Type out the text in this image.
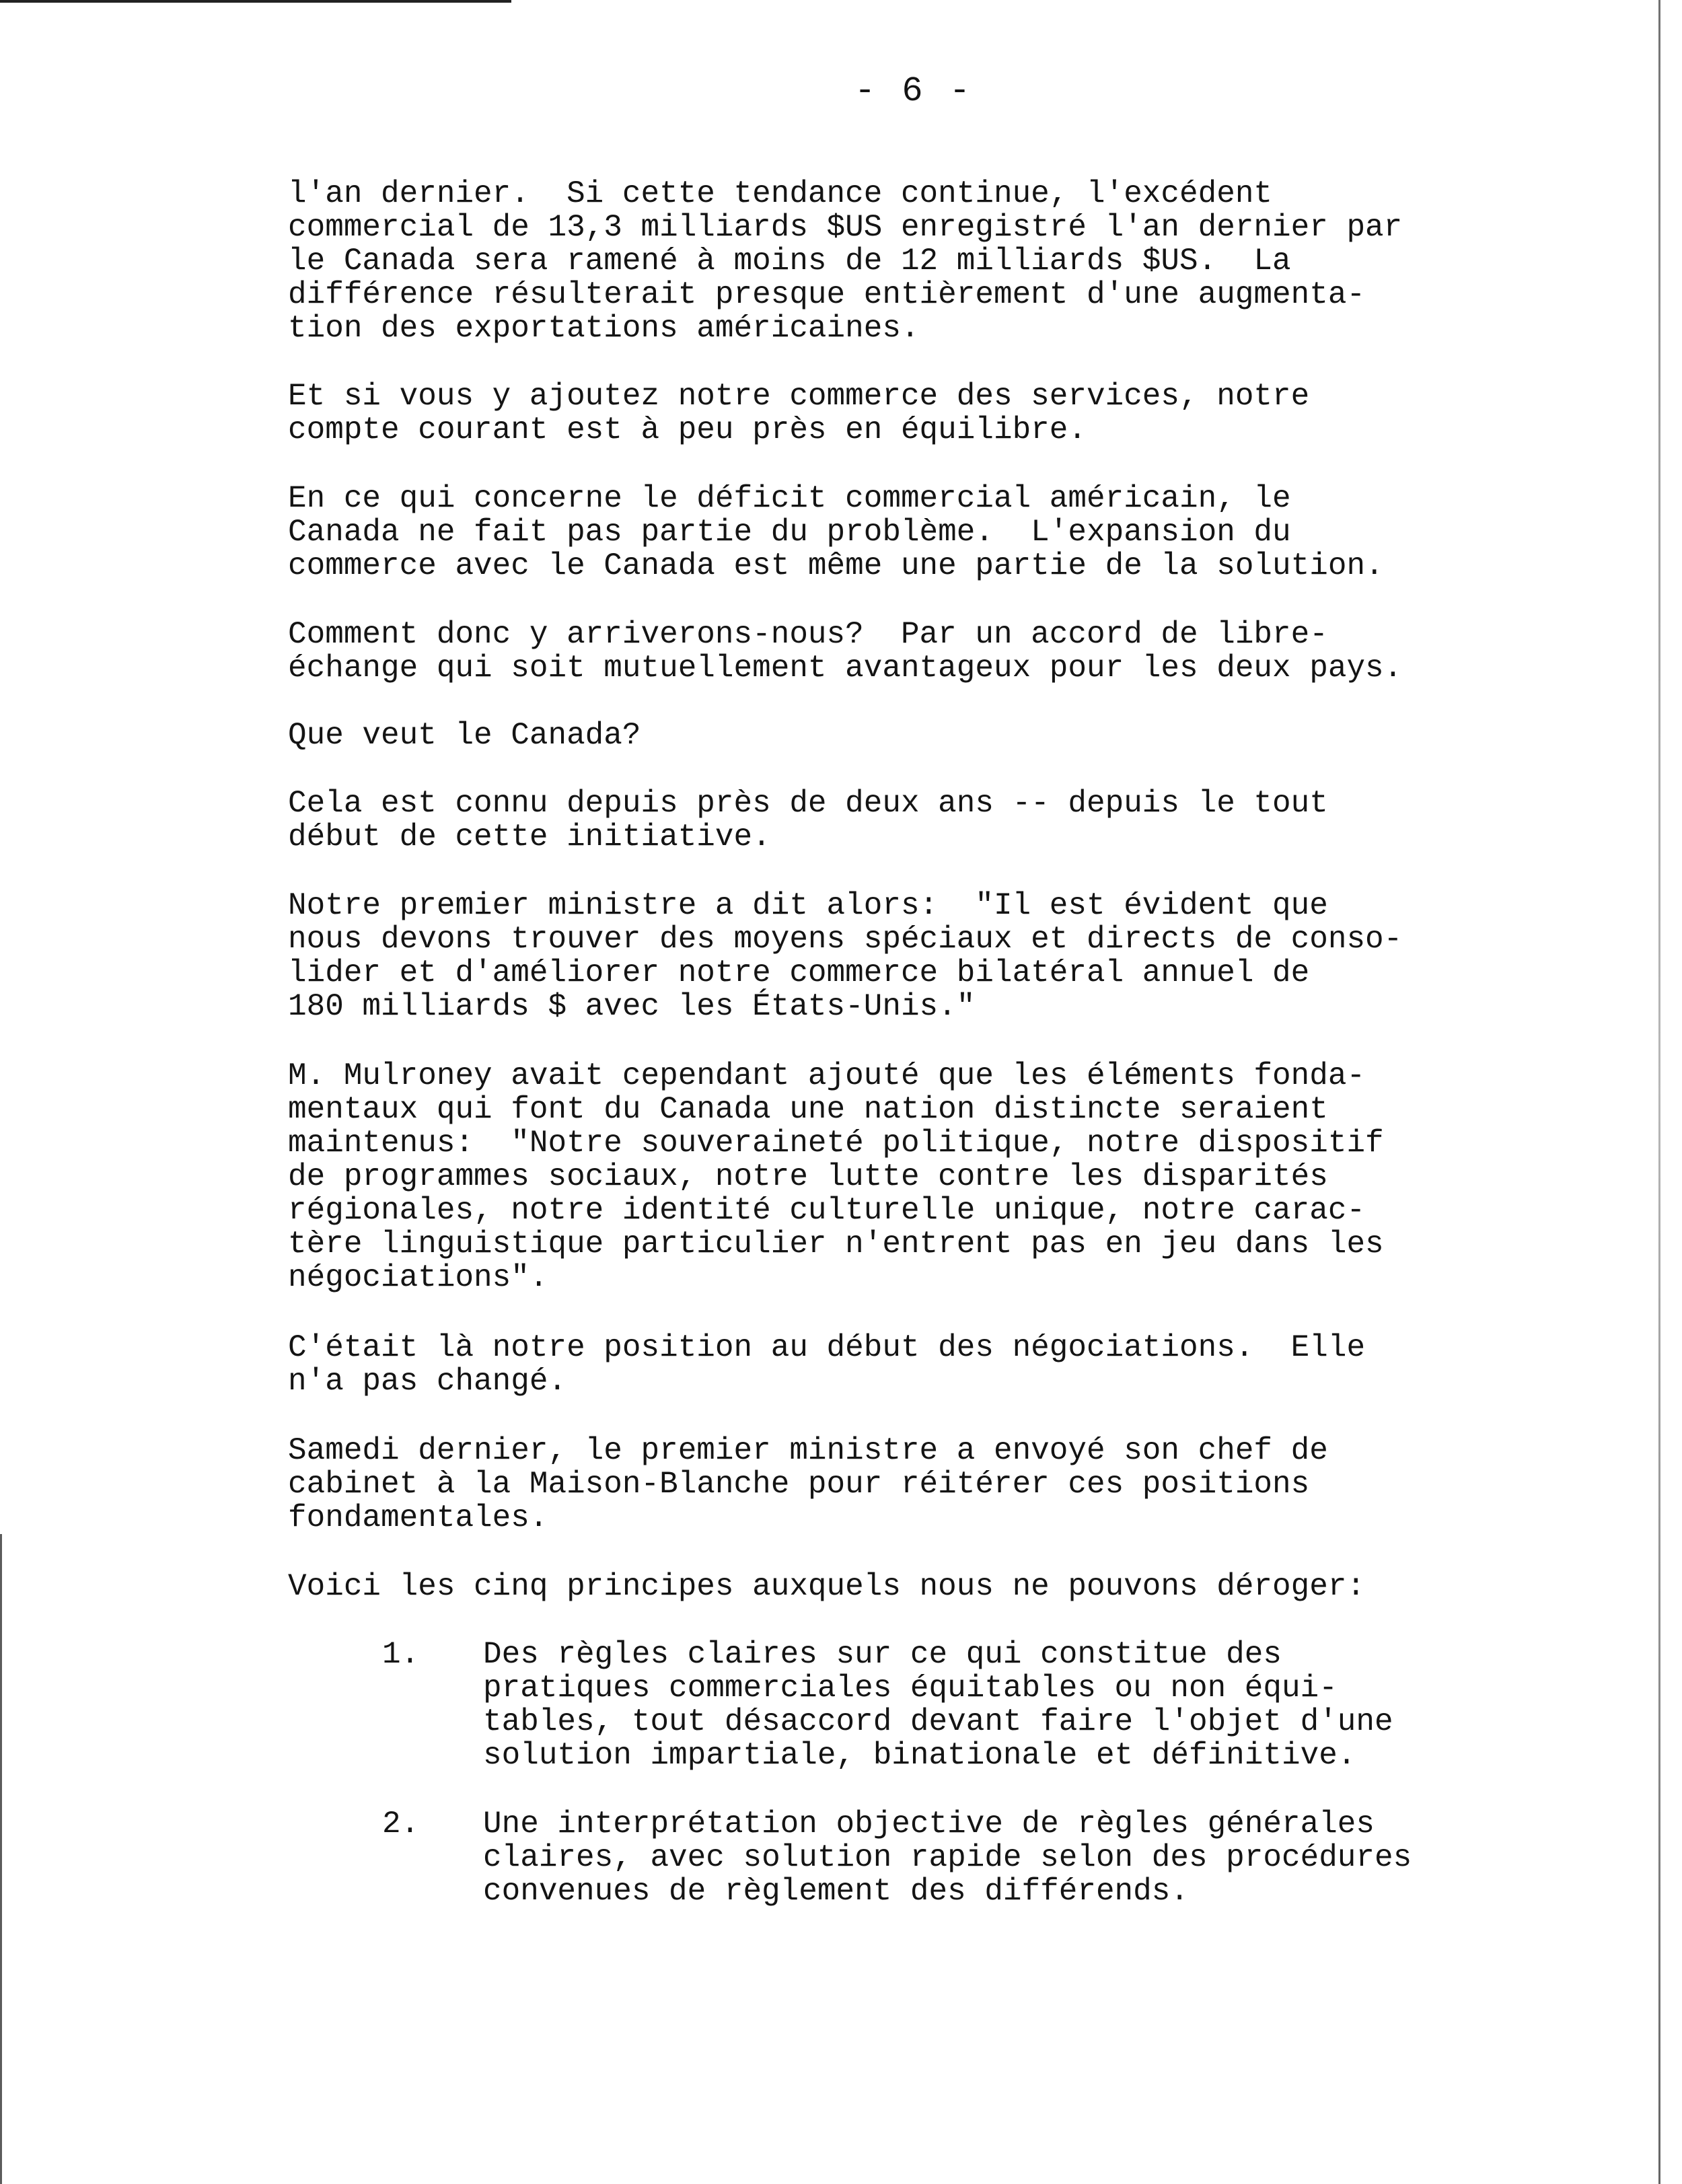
- 6 -
l'an dernier.  Si cette tendance continue, l'excédent
commercial de 13,3 milliards $US enregistré l'an dernier par
le Canada sera ramené à moins de 12 milliards $US.  La
différence résulterait presque entièrement d'une augmenta-
tion des exportations américaines.
Et si vous y ajoutez notre commerce des services, notre
compte courant est à peu près en équilibre.
En ce qui concerne le déficit commercial américain, le
Canada ne fait pas partie du problème.  L'expansion du
commerce avec le Canada est même une partie de la solution.
Comment donc y arriverons-nous?  Par un accord de libre-
échange qui soit mutuellement avantageux pour les deux pays.
Que veut le Canada?
Cela est connu depuis près de deux ans -- depuis le tout
début de cette initiative.
Notre premier ministre a dit alors:  "Il est évident que
nous devons trouver des moyens spéciaux et directs de conso-
lider et d'améliorer notre commerce bilatéral annuel de
180 milliards $ avec les États-Unis."
M. Mulroney avait cependant ajouté que les éléments fonda-
mentaux qui font du Canada une nation distincte seraient
maintenus:  "Notre souveraineté politique, notre dispositif
de programmes sociaux, notre lutte contre les disparités
régionales, notre identité culturelle unique, notre carac-
tère linguistique particulier n'entrent pas en jeu dans les
négociations".
C'était là notre position au début des négociations.  Elle
n'a pas changé.
Samedi dernier, le premier ministre a envoyé son chef de
cabinet à la Maison-Blanche pour réitérer ces positions
fondamentales.
Voici les cinq principes auxquels nous ne pouvons déroger:
1. Des règles claires sur ce qui constitue des
pratiques commerciales équitables ou non équi-
tables, tout désaccord devant faire l'objet d'une
solution impartiale, binationale et définitive.
2. Une interprétation objective de règles générales
claires, avec solution rapide selon des procédures
convenues de règlement des différends.
